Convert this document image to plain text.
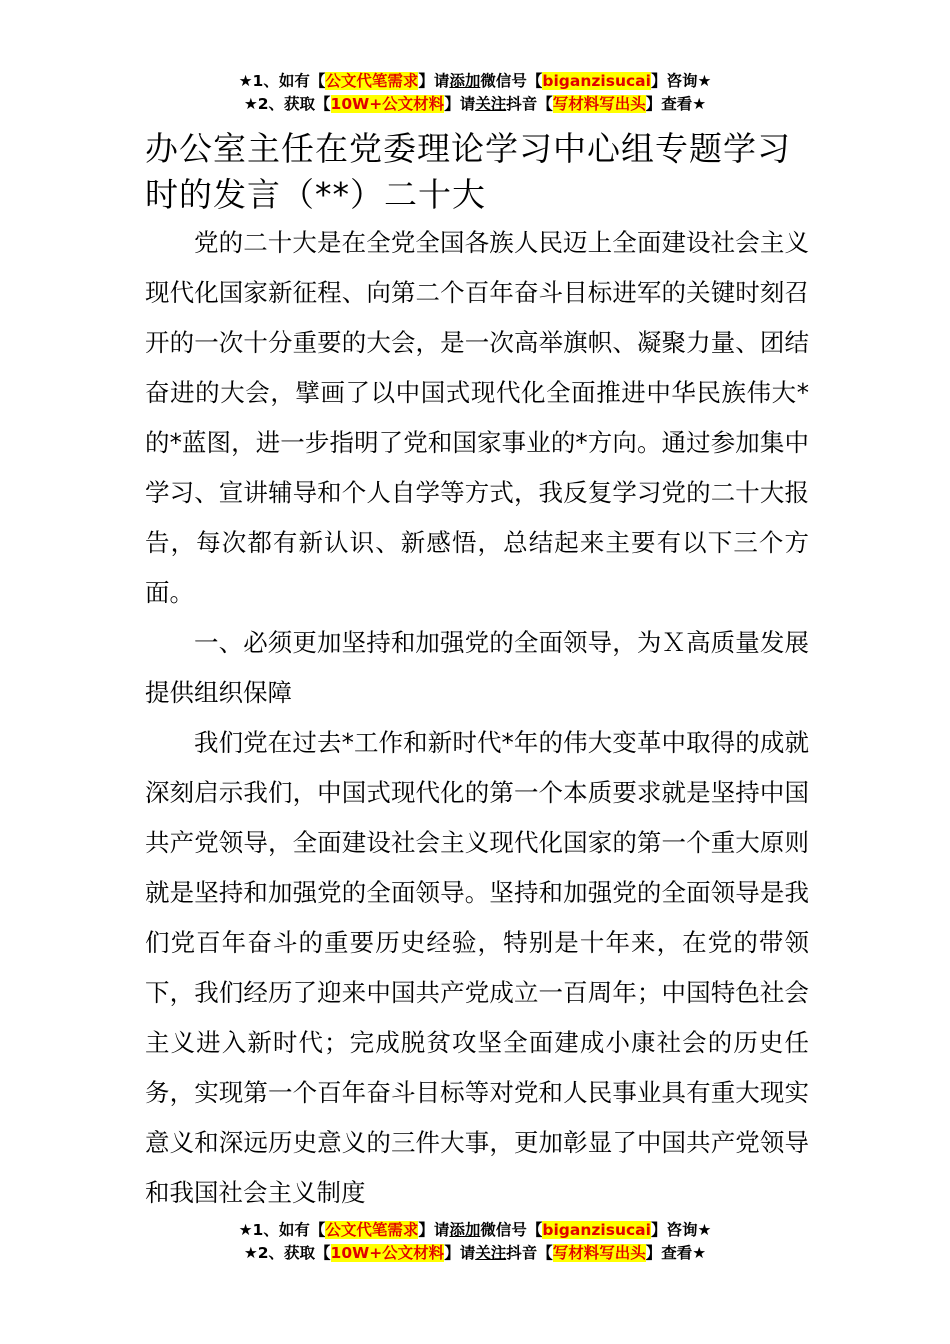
★1、如有【公文代笔需求】请添加微信号【biganzisucai】咨询★
★2、获取【10W+公文材料】请关注抖音【写材料写出头】查看★
办公室主任在党委理论学习中心组专题学习时的发言（**）二十大
党的二十大是在全党全国各族人民迈上全面建设社会主义现代化国家新征程、向第二个百年奋斗目标进军的关键时刻召开的一次十分重要的大会，是一次高举旗帜、凝聚力量、团结奋进的大会，擘画了以中国式现代化全面推进中华民族伟大*的*蓝图，进一步指明了党和国家事业的*方向。通过参加集中学习、宣讲辅导和个人自学等方式，我反复学习党的二十大报告，每次都有新认识、新感悟，总结起来主要有以下三个方面。
一、必须更加坚持和加强党的全面领导，为Ｘ高质量发展提供组织保障
我们党在过去*工作和新时代*年的伟大变革中取得的成就深刻启示我们，中国式现代化的第一个本质要求就是坚持中国共产党领导，全面建设社会主义现代化国家的第一个重大原则就是坚持和加强党的全面领导。坚持和加强党的全面领导是我们党百年奋斗的重要历史经验，特别是十年来，在党的带领下，我们经历了迎来中国共产党成立一百周年；中国特色社会主义进入新时代；完成脱贫攻坚全面建成小康社会的历史任务，实现第一个百年奋斗目标等对党和人民事业具有重大现实意义和深远历史意义的三件大事，更加彰显了中国共产党领导和我国社会主义制度
★1、如有【公文代笔需求】请添加微信号【biganzisucai】咨询★
★2、获取【10W+公文材料】请关注抖音【写材料写出头】查看★
